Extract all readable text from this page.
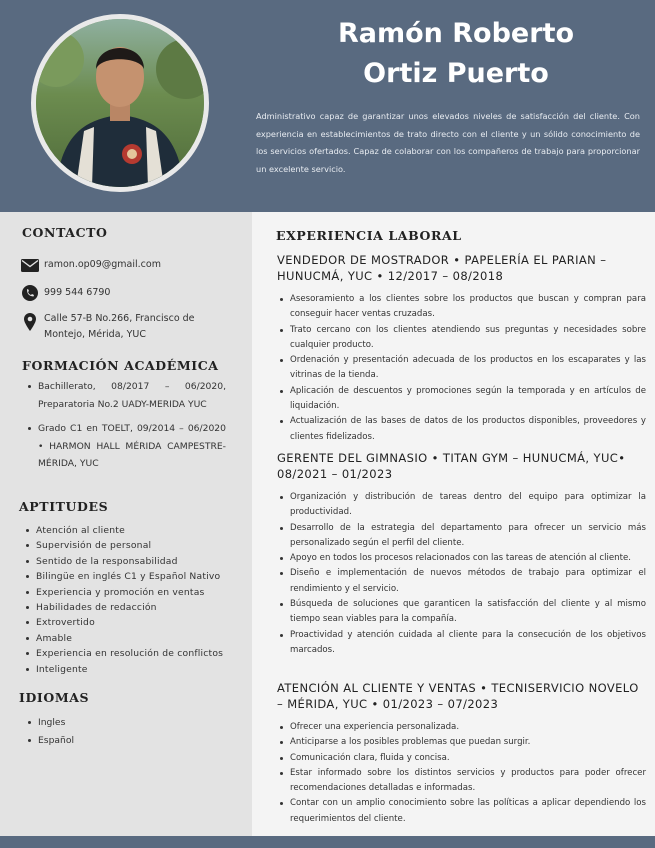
Ramón Roberto
Ortiz Puerto
Administrativo capaz de garantizar unos elevados niveles de satisfacción del cliente. Con experiencia en establecimientos de trato directo con el cliente y un sólido conocimiento de los servicios ofertados. Capaz de colaborar con los compañeros de trabajo para proporcionar un excelente servicio.
CONTACTO
ramon.op09@gmail.com
999 544 6790
Calle 57-B No.266, Francisco de Montejo, Mérida, YUC
FORMACIÓN ACADÉMICA
Bachillerato, 08/2017 – 06/2020, Preparatoria No.2 UADY-MERIDA YUC
Grado C1 en TOELT, 09/2014 – 06/2020 • HARMON HALL MÉRIDA CAMPESTRE- MÉRIDA, YUC
APTITUDES
Atención al cliente
Supervisión de personal
Sentido de la responsabilidad
Bilingüe en inglés C1 y Español Nativo
Experiencia y promoción en ventas
Habilidades de redacción
Extrovertido
Amable
Experiencia en resolución de conflictos
Inteligente
IDIOMAS
Ingles
Español
EXPERIENCIA LABORAL
VENDEDOR DE MOSTRADOR • PAPELERÍA EL PARIAN – HUNUCMÁ, YUC • 12/2017 – 08/2018
Asesoramiento a los clientes sobre los productos que buscan y compran para conseguir hacer ventas cruzadas.
Trato cercano con los clientes atendiendo sus preguntas y necesidades sobre cualquier producto.
Ordenación y presentación adecuada de los productos en los escaparates y las vitrinas de la tienda.
Aplicación de descuentos y promociones según la temporada y en artículos de liquidación.
Actualización de las bases de datos de los productos disponibles, proveedores y clientes fidelizados.
GERENTE DEL GIMNASIO • TITAN GYM – HUNUCMÁ, YUC• 08/2021 – 01/2023
Organización y distribución de tareas dentro del equipo para optimizar la productividad.
Desarrollo de la estrategia del departamento para ofrecer un servicio más personalizado según el perfil del cliente.
Apoyo en todos los procesos relacionados con las tareas de atención al cliente.
Diseño e implementación de nuevos métodos de trabajo para optimizar el rendimiento y el servicio.
Búsqueda de soluciones que garanticen la satisfacción del cliente y al mismo tiempo sean viables para la compañía.
Proactividad y atención cuidada al cliente para la consecución de los objetivos marcados.
ATENCIÓN AL CLIENTE Y VENTAS • TECNISERVICIO NOVELO – MÉRIDA, YUC • 01/2023 – 07/2023
Ofrecer una experiencia personalizada.
Anticiparse a los posibles problemas que puedan surgir.
Comunicación clara, fluida y concisa.
Estar informado sobre los distintos servicios y productos para poder ofrecer recomendaciones detalladas e informadas.
Contar con un amplio conocimiento sobre las políticas a aplicar dependiendo los requerimientos del cliente.
